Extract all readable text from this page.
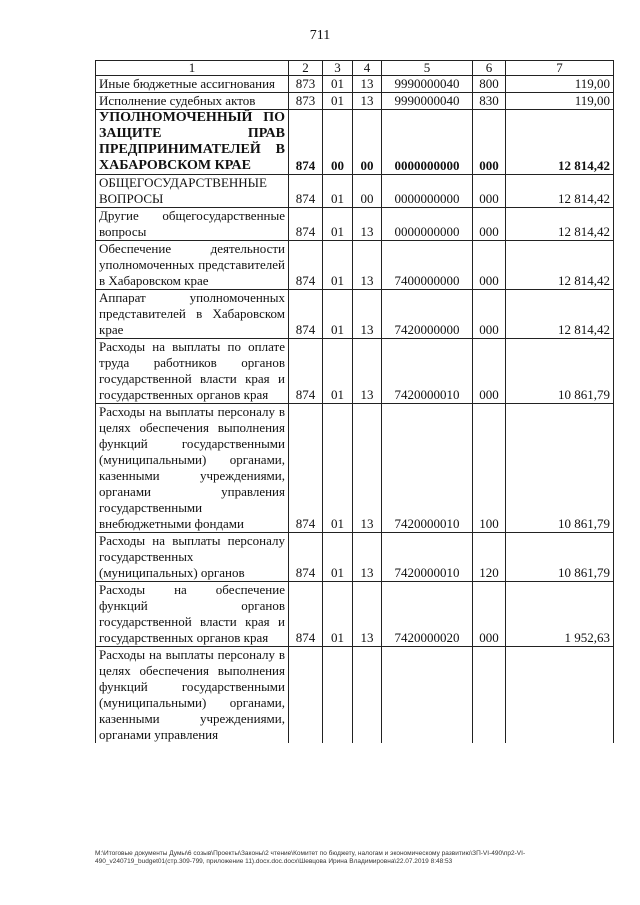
711
1	2	3	4	5	6	7
Иные бюджетные ассигнования	873	01	13	9990000040	800	119,00
Исполнение судебных актов	873	01	13	9990000040	830	119,00
УПОЛНОМОЧЕННЫЙ ПО ЗАЩИТЕ ПРАВ ПРЕДПРИНИМАТЕЛЕЙ В ХАБАРОВСКОМ КРАЕ	874	00	00	0000000000	000	12 814,42
ОБЩЕГОСУДАРСТВЕННЫЕ ВОПРОСЫ	874	01	00	0000000000	000	12 814,42
Другие общегосударственные вопросы	874	01	13	0000000000	000	12 814,42
Обеспечение деятельности уполномоченных представителей в Хабаровском крае	874	01	13	7400000000	000	12 814,42
Аппарат уполномоченных представителей в Хабаровском крае	874	01	13	7420000000	000	12 814,42
Расходы на выплаты по оплате труда работников органов государственной власти края и государственных органов края	874	01	13	7420000010	000	10 861,79
Расходы на выплаты персоналу в целях обеспечения выполнения функций государственными (муниципальными) органами, казенными учреждениями, органами управления государственными внебюджетными фондами	874	01	13	7420000010	100	10 861,79
Расходы на выплаты персоналу государственных (муниципальных) органов	874	01	13	7420000010	120	10 861,79
Расходы на обеспечение функций органов государственной власти края и государственных органов края	874	01	13	7420000020	000	1 952,63
Расходы на выплаты персоналу в целях обеспечения выполнения функций государственными (муниципальными) органами, казенными учреждениями, органами управления						
M:\Итоговые документы Думы\6 созыв\Проекты\Законы\2 чтение\Комитет по бюджету, налогам и экономическому развитию\ЗП-VI-490\пр2-VI-490_v240719_budget01(стр.309-799, приложение 11).docx.doc.docx\Шевцова Ирина Владимировна\22.07.2019 8:48:53
